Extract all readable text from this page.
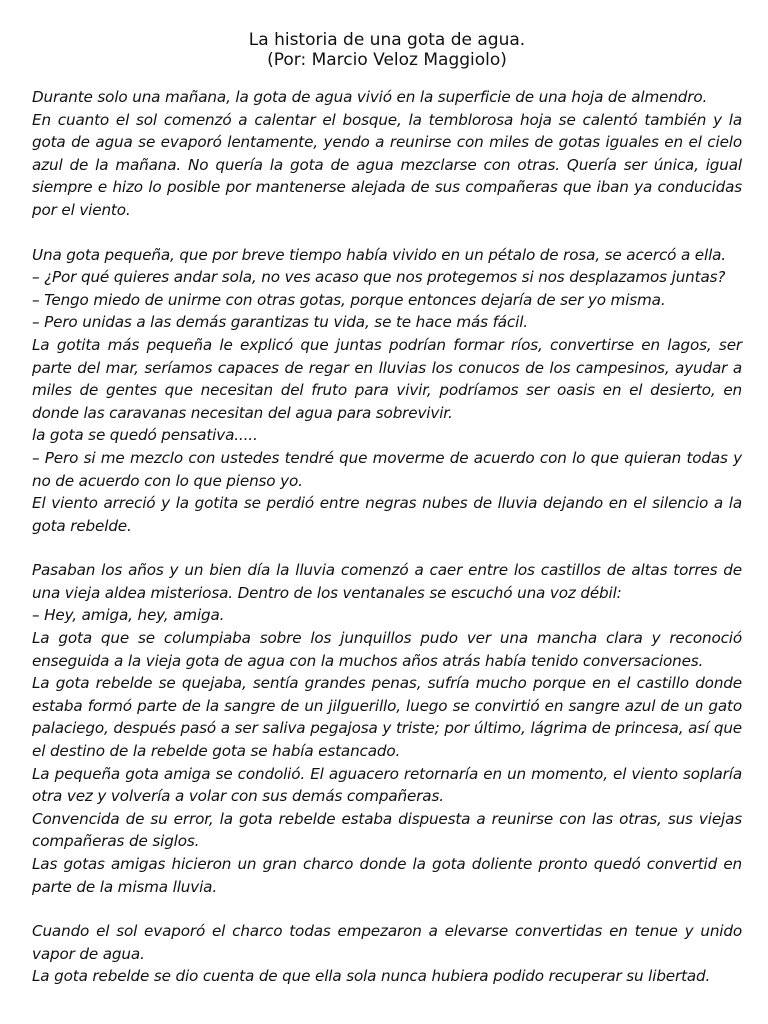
La historia de una gota de agua.
(Por: Marcio Veloz Maggiolo)

Durante solo una mañana, la gota de agua vivió en la superficie de una hoja de almendro.

En cuanto el sol comenzó a calentar el bosque, la temblorosa hoja se calentó también y la gota de agua se evaporó lentamente, yendo a reunirse con miles de gotas iguales en el cielo azul de la mañana. No quería la gota de agua mezclarse con otras. Quería ser única, igual siempre e hizo lo posible por mantenerse alejada de sus compañeras que iban ya conducidas por el viento.

Una gota pequeña, que por breve tiempo había vivido en un pétalo de rosa, se acercó a ella.

– ¿Por qué quieres andar sola, no ves acaso que nos protegemos si nos desplazamos juntas?

– Tengo miedo de unirme con otras gotas, porque entonces dejaría de ser yo misma.

– Pero unidas a las demás garantizas tu vida, se te hace más fácil.

La gotita más pequeña le explicó que juntas podrían formar ríos, convertirse en lagos, ser parte del mar, seríamos capaces de regar en lluvias los conucos de los campesinos, ayudar a miles de gentes que necesitan del fruto para vivir, podríamos ser oasis en el desierto, en donde las caravanas necesitan del agua para sobrevivir.

la gota se quedó pensativa.....

– Pero si me mezclo con ustedes tendré que moverme de acuerdo con lo que quieran todas y no de acuerdo con lo que pienso yo.

El viento arreció y la gotita se perdió entre negras nubes de lluvia dejando en el silencio a la gota rebelde.

Pasaban los años y un bien día la lluvia comenzó a caer entre los castillos de altas torres de una vieja aldea misteriosa. Dentro de los ventanales se escuchó una voz débil:

– Hey, amiga, hey, amiga.

La gota que se columpiaba sobre los junquillos pudo ver una mancha clara y reconoció enseguida a la vieja gota de agua con la muchos años atrás había tenido conversaciones.

La gota rebelde se quejaba, sentía grandes penas, sufría mucho porque en el castillo donde estaba formó parte de la sangre de un jilguerillo, luego se convirtió en sangre azul de un gato palaciego, después pasó a ser saliva pegajosa y triste; por último, lágrima de princesa, así que el destino de la rebelde gota se había estancado.

La pequeña gota amiga se condolió. El aguacero retornaría en un momento, el viento soplaría otra vez y volvería a volar con sus demás compañeras.

Convencida de su error, la gota rebelde estaba dispuesta a reunirse con las otras, sus viejas compañeras de siglos.

Las gotas amigas hicieron un gran charco donde la gota doliente pronto quedó convertid en parte de la misma lluvia.

Cuando el sol evaporó el charco todas empezaron a elevarse convertidas en tenue y unido vapor de agua.

La gota rebelde se dio cuenta de que ella sola nunca hubiera podido recuperar su libertad.
